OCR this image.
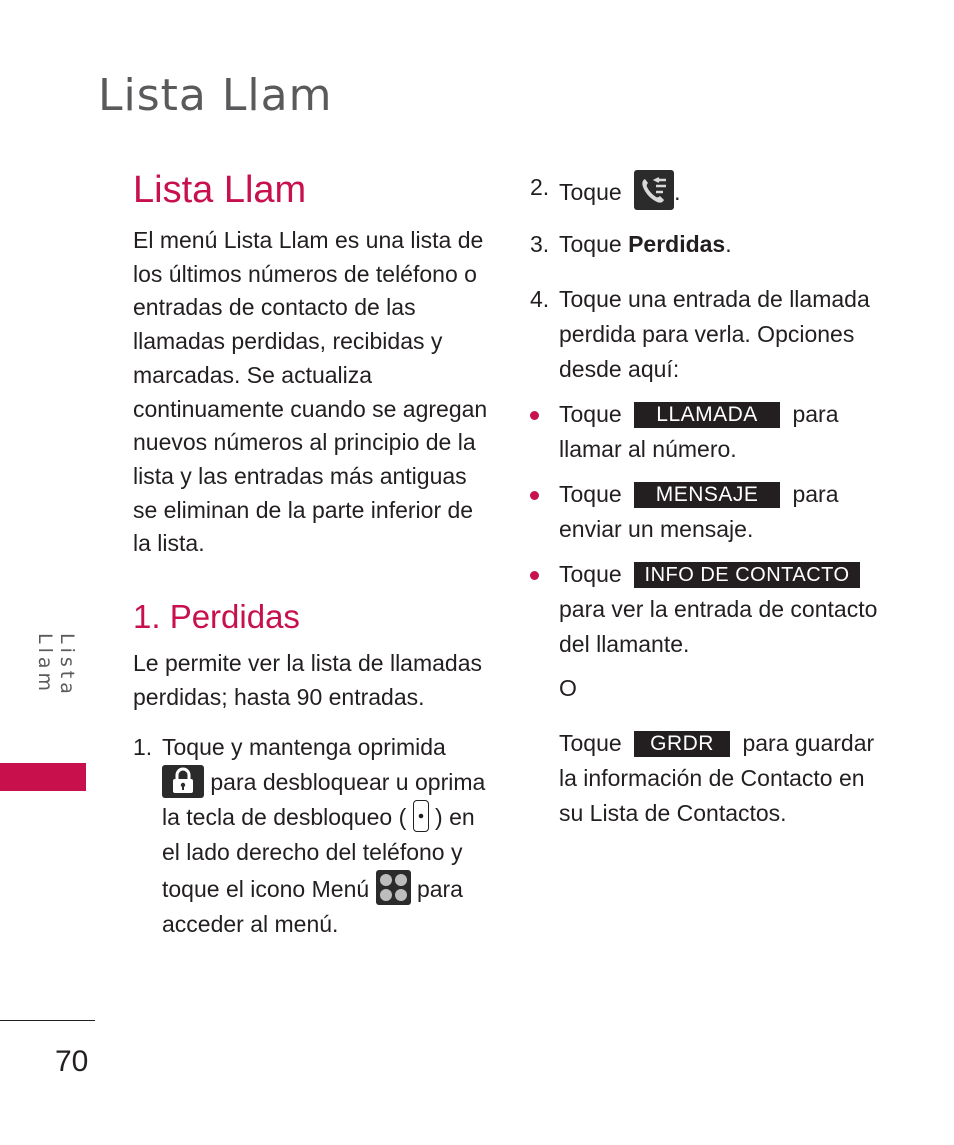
Lista Llam
Lista Llam
70
Lista Llam

El menú Lista Llam es una lista de los últimos números de teléfono o entradas de contacto de las llamadas perdidas, recibidas y marcadas. Se actualiza continuamente cuando se agregan nuevos números al principio de la lista y las entradas más antiguas se eliminan de la parte inferior de la lista.

1. Perdidas

Le permite ver la lista de llamadas perdidas; hasta 90 entradas.

1. Toque y mantenga oprimida
para desbloquear u oprima la tecla de desbloqueo ( ) en el lado derecho del teléfono y toque el icono Menú para acceder al menú.
2. Toque .
3. Toque Perdidas.
4. Toque una entrada de llamada perdida para verla. Opciones desde aquí:
Toque LLAMADA para llamar al número.
Toque MENSAJE para enviar un mensaje.
Toque INFO DE CONTACTO para ver la entrada de contacto del llamante.
O
Toque GRDR para guardar la información de Contacto en su Lista de Contactos.
